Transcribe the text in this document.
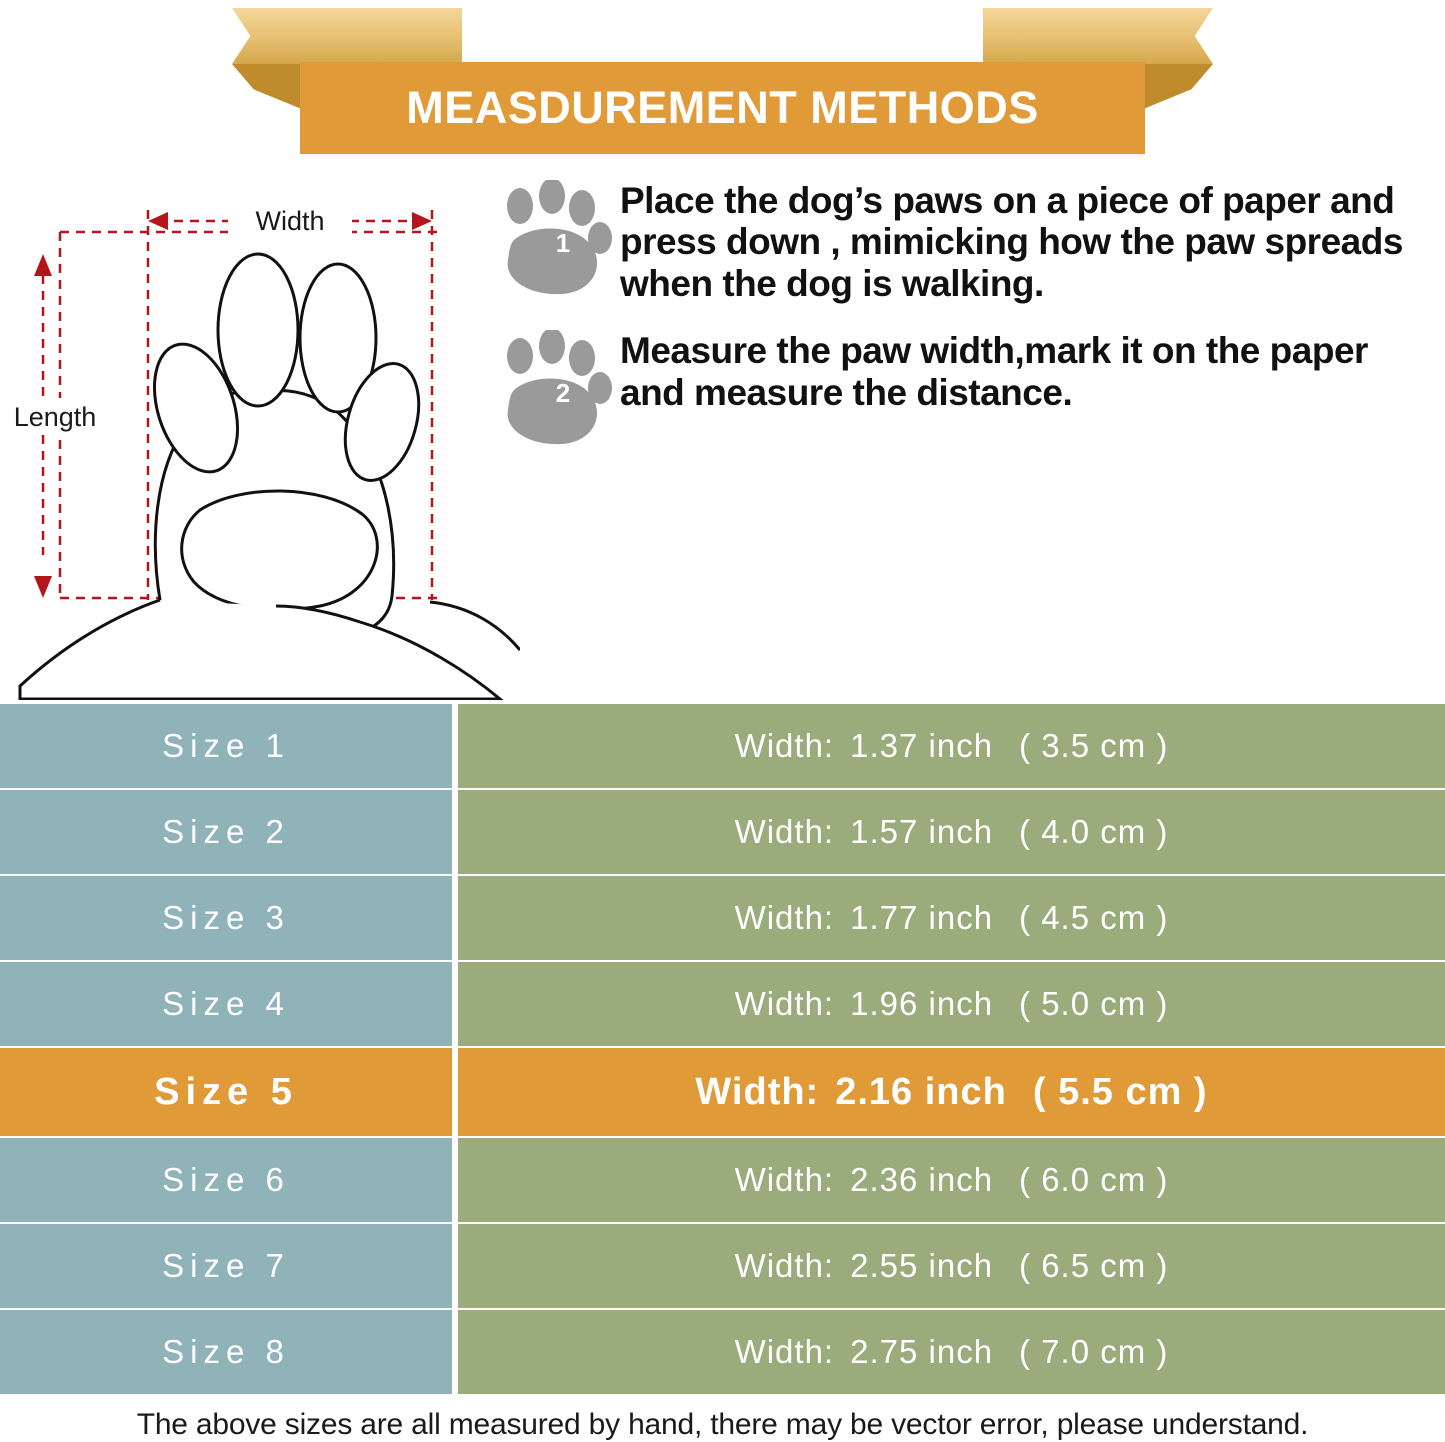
MEASDUREMENT METHODS
Width
Length
1
Place the dog’s paws on a piece of paper and press down , mimicking how the paw spreads when the dog is walking.
2
Measure the paw width,mark it on the paper and measure the distance.
Size 1	Width: 1.37 inch ( 3.5 cm )
Size 2	Width: 1.57 inch ( 4.0 cm )
Size 3	Width: 1.77 inch ( 4.5 cm )
Size 4	Width: 1.96 inch ( 5.0 cm )
Size 5	Width: 2.16 inch ( 5.5 cm )
Size 6	Width: 2.36 inch ( 6.0 cm )
Size 7	Width: 2.55 inch ( 6.5 cm )
Size 8	Width: 2.75 inch ( 7.0 cm )
The above sizes are all measured by hand, there may be vector error, please understand.
